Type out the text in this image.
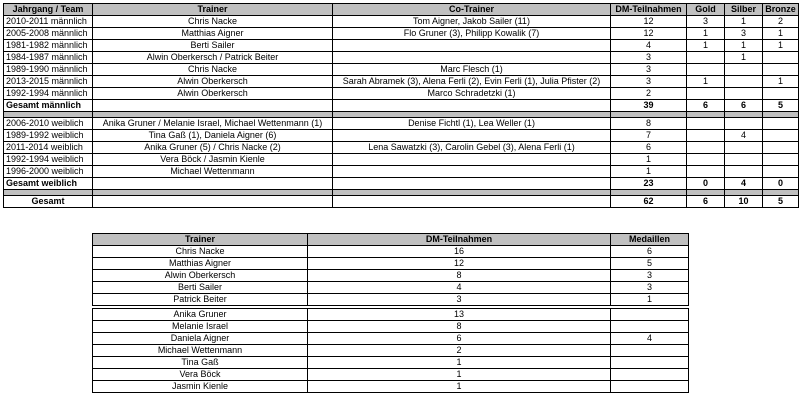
Jahrgang / Team	Trainer	Co-Trainer	DM-Teilnahmen	Gold	Silber	Bronze
2010-2011 männlich	Chris Nacke	Tom Aigner, Jakob Sailer (11)	12	3	1	2
2005-2008 männlich	Matthias Aigner	Flo Gruner (3), Philipp Kowalik (7)	12	1	3	1
1981-1982 männlich	Berti Sailer		4	1	1	1
1984-1987 männlich	Alwin Oberkersch / Patrick Beiter		3		1	
1989-1990 männlich	Chris Nacke	Marc Flesch (1)	3			
2013-2015 männlich	Alwin Oberkersch	Sarah Abramek (3), Alena Ferli (2), Evin Ferli (1), Julia Pfister (2)	3	1		1
1992-1994 männlich	Alwin Oberkersch	Marco Schradetzki (1)	2			
Gesamt männlich			39	6	6	5

2006-2010 weiblich	Anika Gruner / Melanie Israel, Michael Wettenmann (1)	Denise Fichtl (1), Lea Weller (1)	8			
1989-1992 weiblich	Tina Gaß (1), Daniela Aigner (6)		7		4	
2011-2014 weiblich	Anika Gruner (5) / Chris Nacke (2)	Lena Sawatzki (3), Carolin Gebel (3), Alena Ferli (1)	6			
1992-1994 weiblich	Vera Böck / Jasmin Kienle		1			
1996-2000 weiblich	Michael Wettenmann		1			
Gesamt weiblich			23	0	4	0

Gesamt			62	6	10	5
Trainer	DM-Teilnahmen	Medaillen
Chris Nacke	16	6
Matthias Aigner	12	5
Alwin Oberkersch	8	3
Berti Sailer	4	3
Patrick Beiter	3	1

Anika Gruner	13	
Melanie Israel	8	
Daniela Aigner	6	4
Michael Wettenmann	2	
Tina Gaß	1	
Vera Böck	1	
Jasmin Kienle	1	
